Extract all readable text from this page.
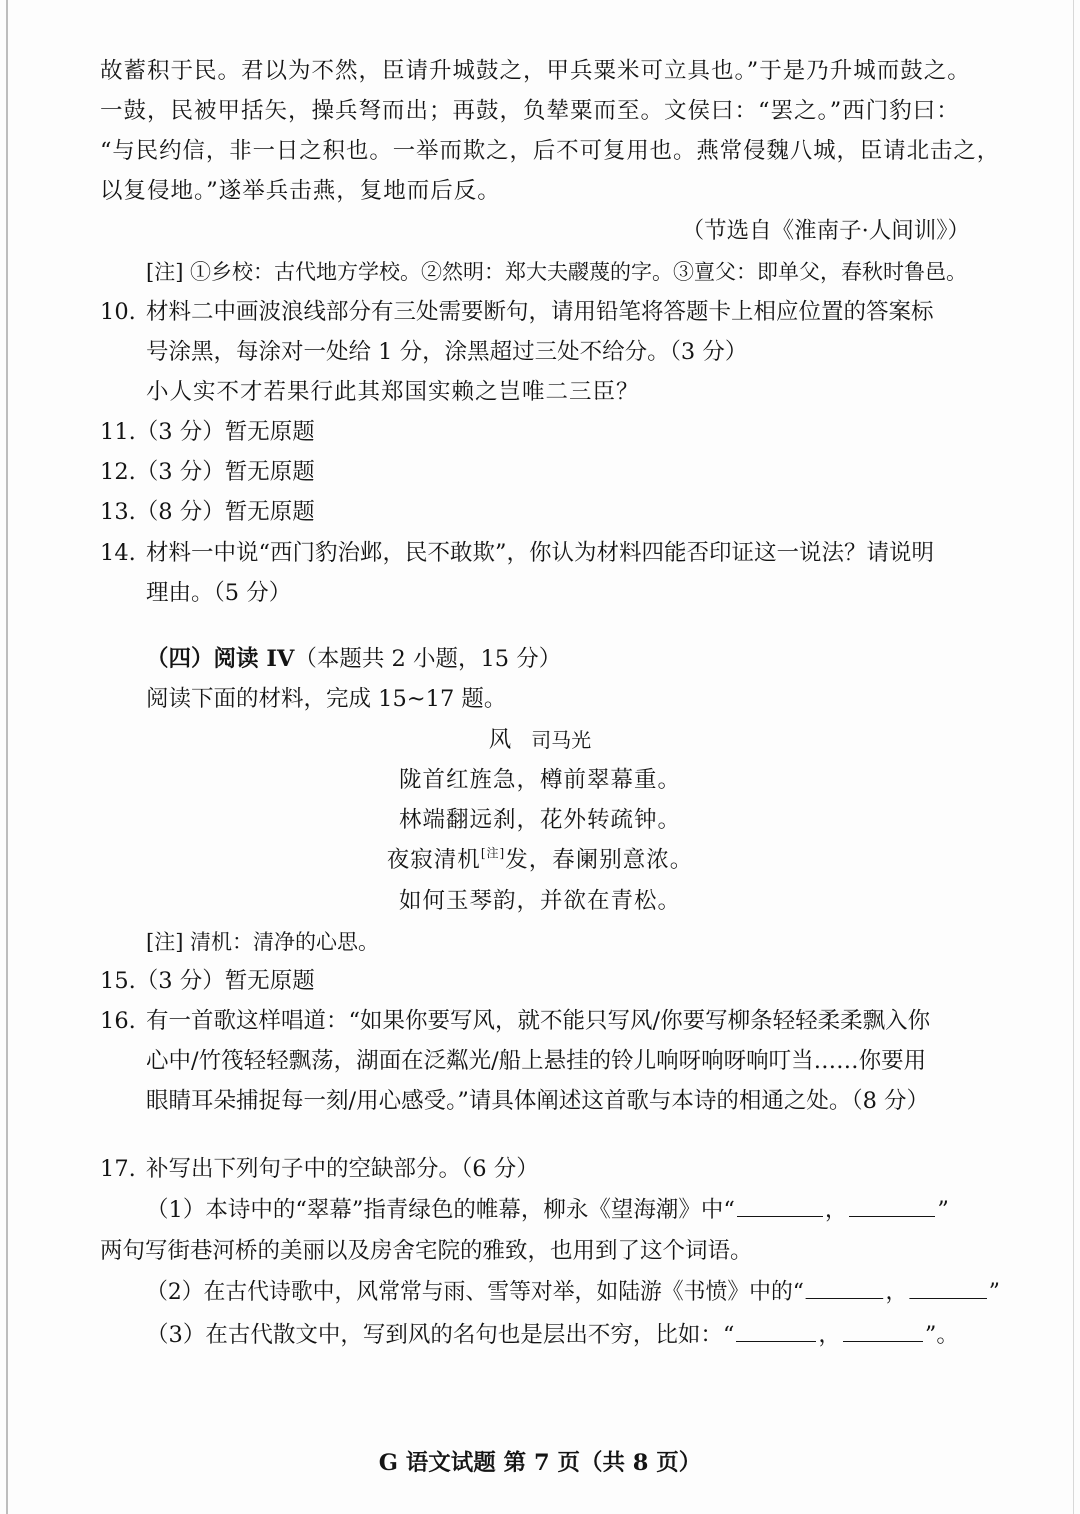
故蓄积于民。君以为不然，臣请升城鼓之，甲兵粟米可立具也。”于是乃升城而鼓之。
一鼓，民被甲括矢，操兵弩而出；再鼓，负辇粟而至。文侯曰：“罢之。”西门豹曰：
“与民约信，非一日之积也。一举而欺之，后不可复用也。燕常侵魏八城，臣请北击之，
以复侵地。”遂举兵击燕，复地而后反。
（节选自《淮南子·人间训》）
[注] ①乡校：古代地方学校。②然明：郑大夫鬷蔑的字。③亶父：即单父，春秋时鲁邑。
10. 材料二中画波浪线部分有三处需要断句，请用铅笔将答题卡上相应位置的答案标
号涂黑，每涂对一处给 1 分，涂黑超过三处不给分。（3 分）
小人实不才若果行此其郑国实赖之岂唯二三臣？
11.（3 分）暂无原题
12.（3 分）暂无原题
13.（8 分）暂无原题
14. 材料一中说“西门豹治邺，民不敢欺”，你认为材料四能否印证这一说法？请说明
理由。（5 分）
（四）阅读 IV（本题共 2 小题，15 分）
阅读下面的材料，完成 15~17 题。
风 司马光
陇首红旌急，樽前翠幕重。
林端翻远刹，花外转疏钟。
夜寂清机[注]发，春阑别意浓。
如何玉琴韵，并欲在青松。
[注] 清机：清净的心思。
15.（3 分）暂无原题
16. 有一首歌这样唱道：“如果你要写风，就不能只写风/你要写柳条轻轻柔柔飘入你
心中/竹筏轻轻飘荡，湖面在泛粼光/船上悬挂的铃儿响呀响呀响叮当……你要用
眼睛耳朵捕捉每一刻/用心感受。”请具体阐述这首歌与本诗的相通之处。（8 分）
17. 补写出下列句子中的空缺部分。（6 分）
（1）本诗中的“翠幕”指青绿色的帷幕，柳永《望海潮》中“	，	”
两句写街巷河桥的美丽以及房舍宅院的雅致，也用到了这个词语。
（2）在古代诗歌中，风常常与雨、雪等对举，如陆游《书愤》中的“	，	”
（3）在古代散文中，写到风的名句也是层出不穷，比如：“	，	”。
G 语文试题 第 7 页（共 8 页）
